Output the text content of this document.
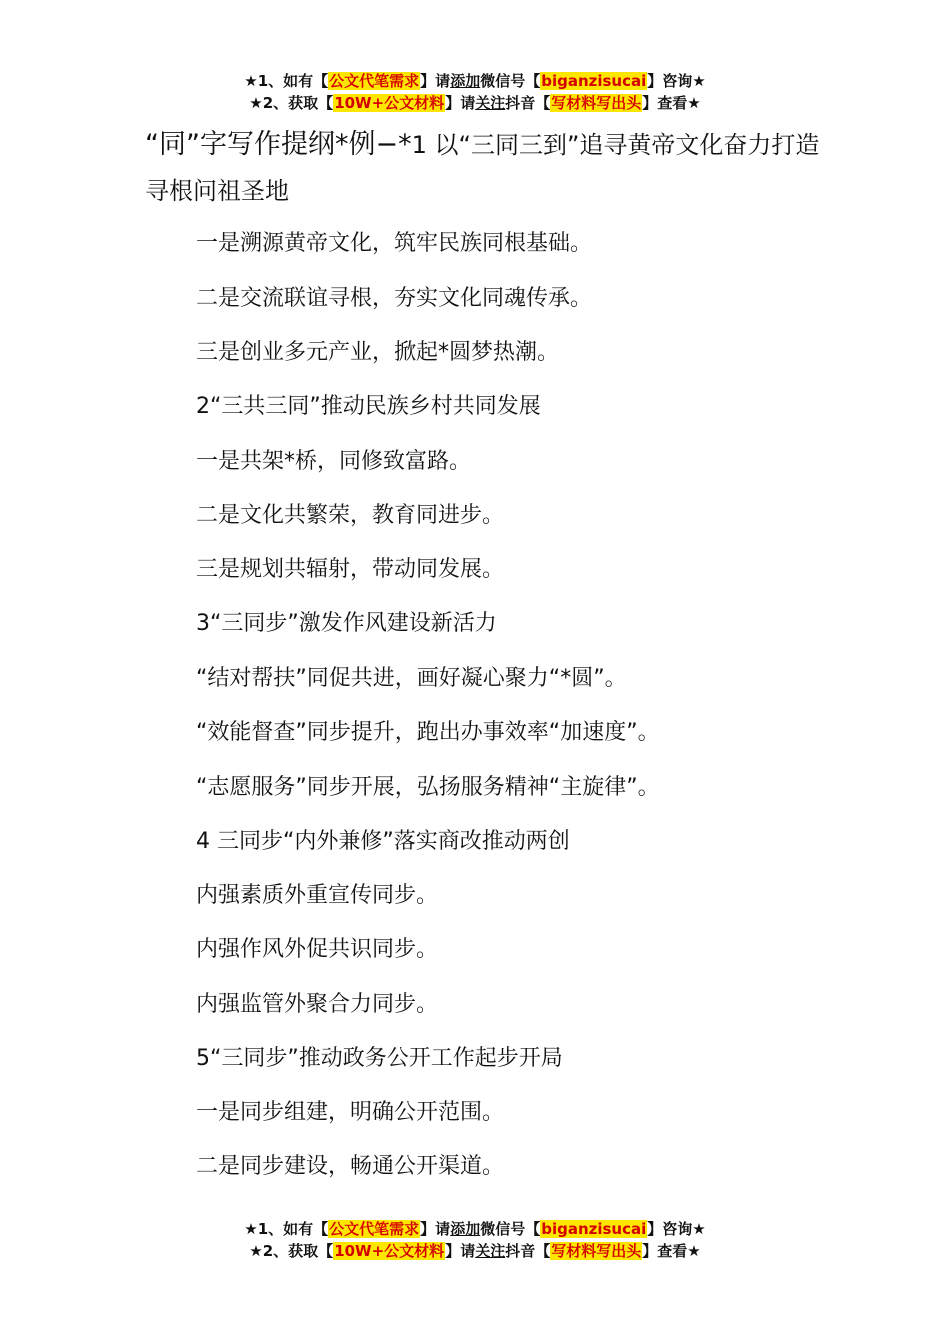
★1、如有【公文代笔需求】请添加微信号【biganzisucai】咨询★
★2、获取【10W+公文材料】请关注抖音【写材料写出头】查看★
“同”字写作提纲*例−*1 以“三同三到”追寻黄帝文化奋力打造寻根问祖圣地
一是溯源黄帝文化，筑牢民族同根基础。
二是交流联谊寻根，夯实文化同魂传承。
三是创业多元产业，掀起*圆梦热潮。
2“三共三同”推动民族乡村共同发展
一是共架*桥，同修致富路。
二是文化共繁荣，教育同进步。
三是规划共辐射，带动同发展。
3“三同步”激发作风建设新活力
“结对帮扶”同促共进，画好凝心聚力“*圆”。
“效能督查”同步提升，跑出办事效率“加速度”。
“志愿服务”同步开展，弘扬服务精神“主旋律”。
4 三同步“内外兼修”落实商改推动两创
内强素质外重宣传同步。
内强作风外促共识同步。
内强监管外聚合力同步。
5“三同步”推动政务公开工作起步开局
一是同步组建，明确公开范围。
二是同步建设，畅通公开渠道。
★1、如有【公文代笔需求】请添加微信号【biganzisucai】咨询★
★2、获取【10W+公文材料】请关注抖音【写材料写出头】查看★
